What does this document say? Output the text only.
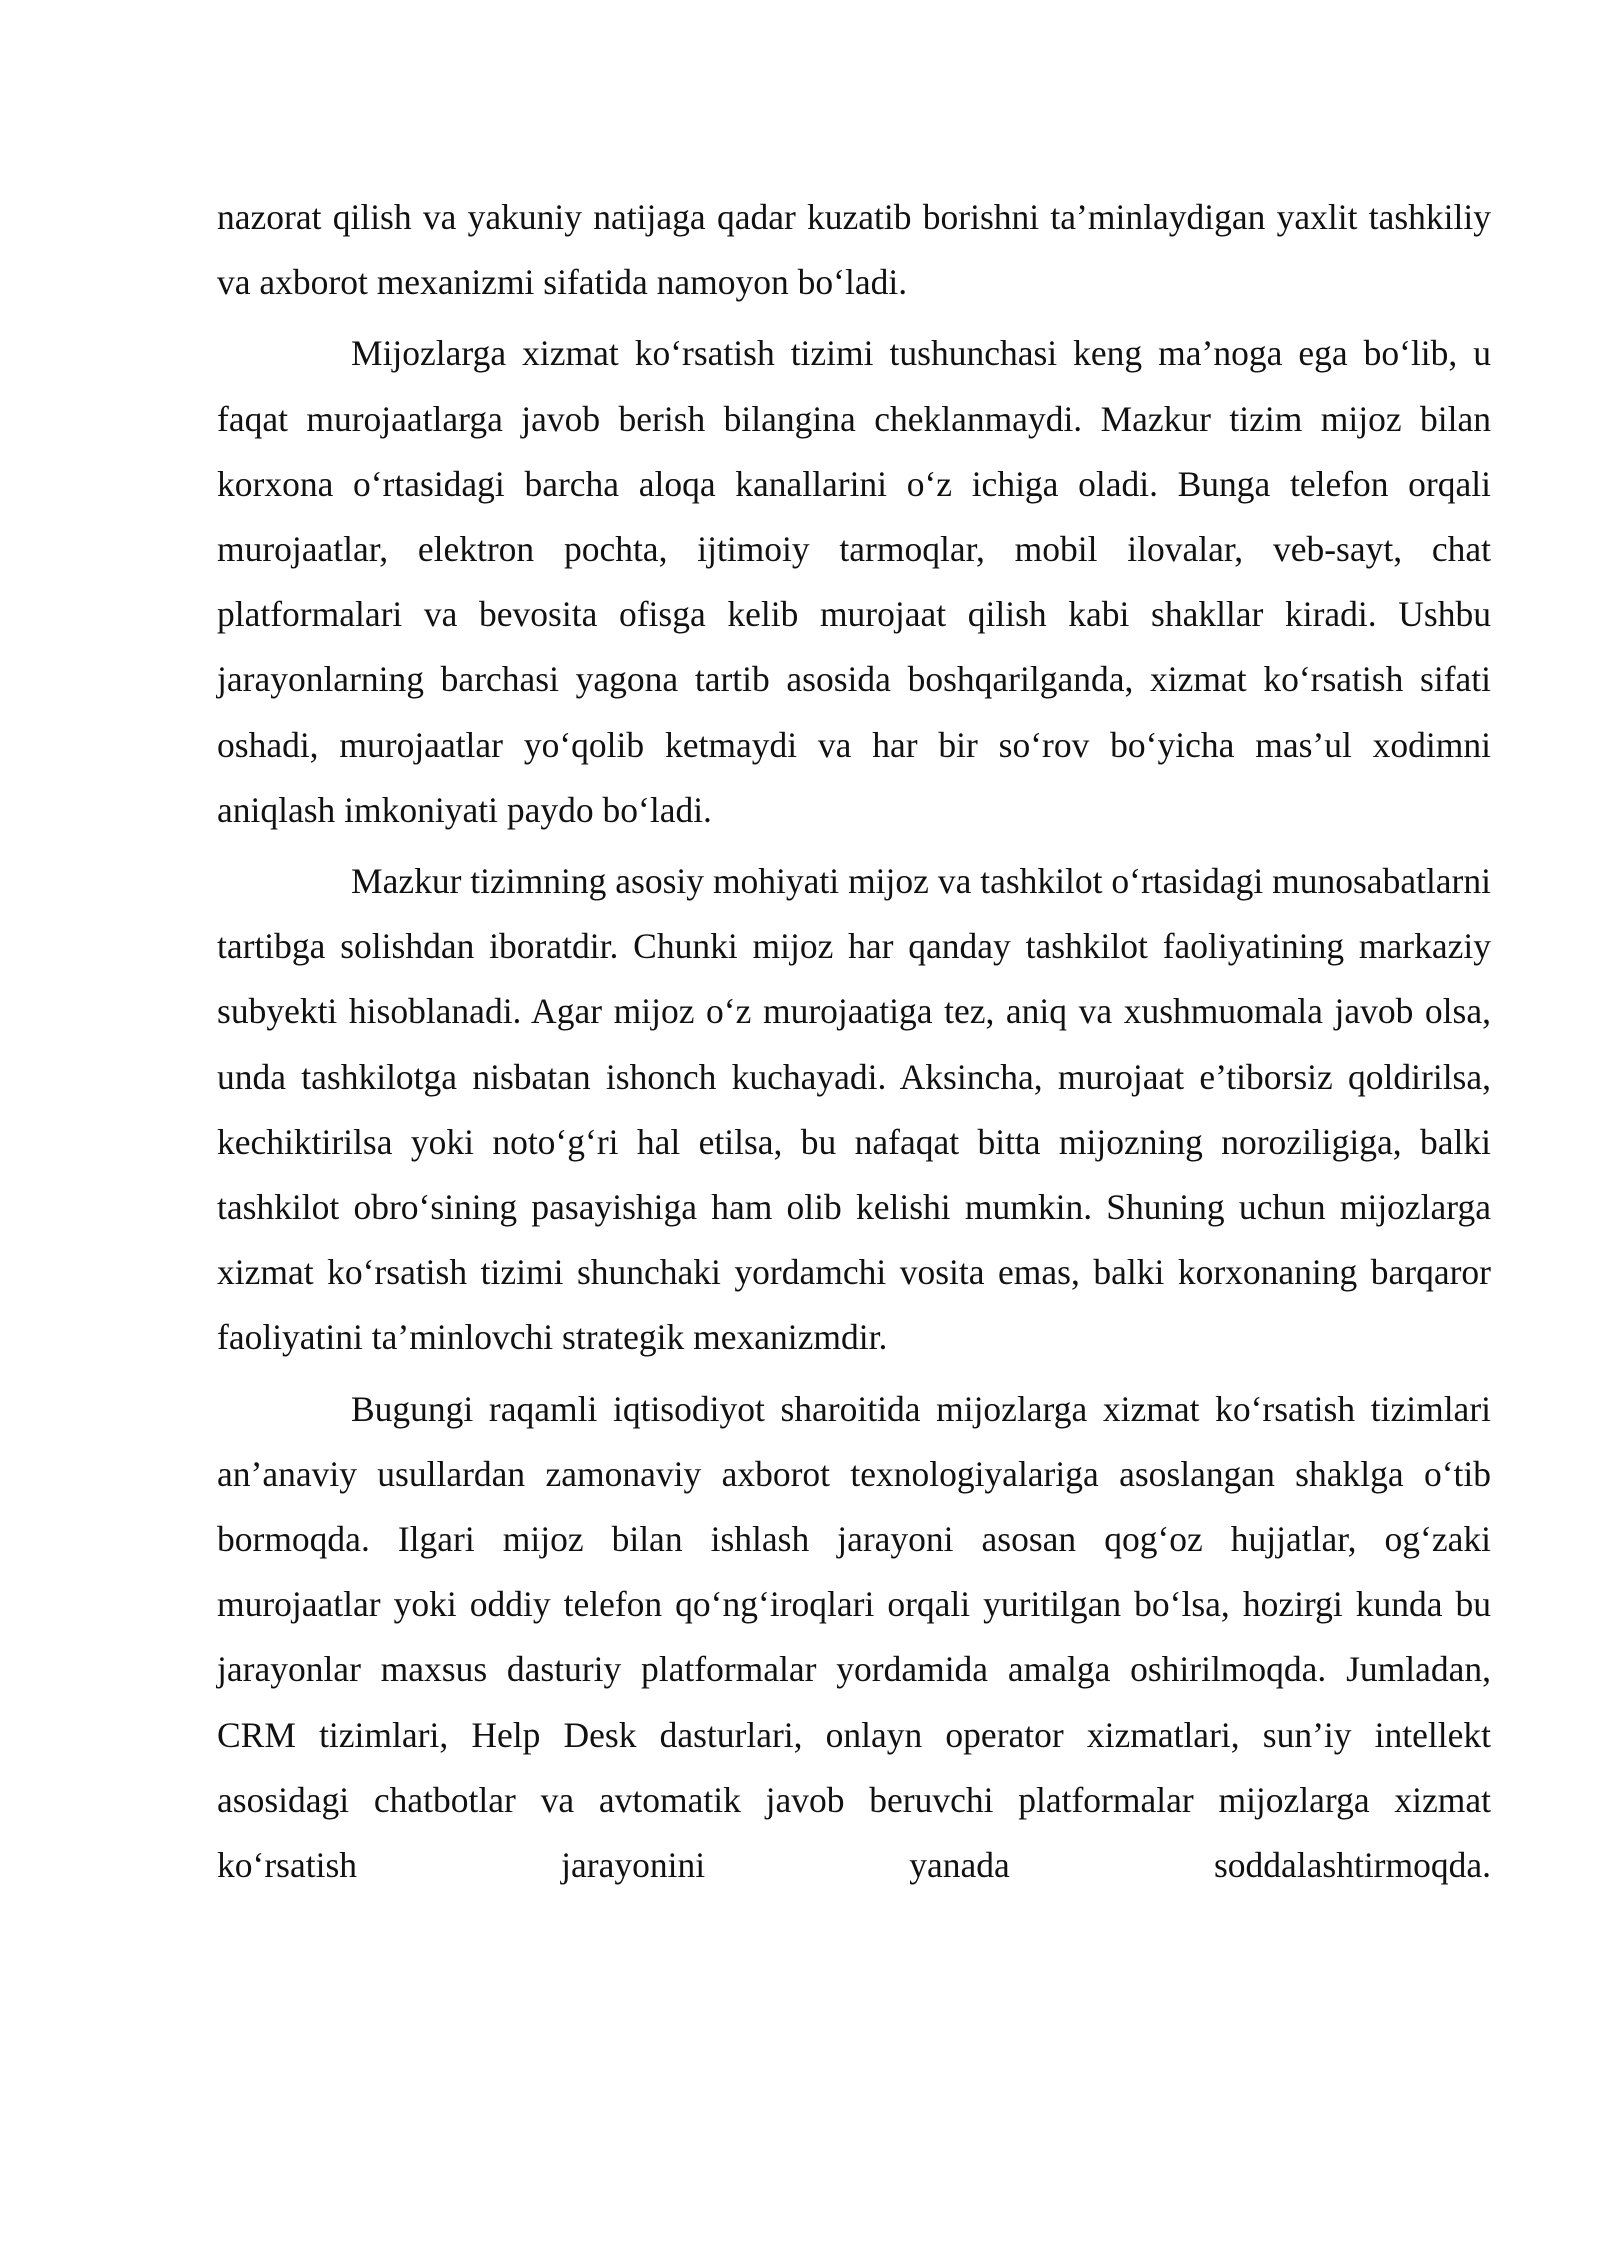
nazorat qilish va yakuniy natijaga qadar kuzatib borishni ta’minlaydigan yaxlit tashkiliy va axborot mexanizmi sifatida namoyon bo‘ladi.

Mijozlarga xizmat ko‘rsatish tizimi tushunchasi keng ma’noga ega bo‘lib, u faqat murojaatlarga javob berish bilangina cheklanmaydi. Mazkur tizim mijoz bilan korxona o‘rtasidagi barcha aloqa kanallarini o‘z ichiga oladi. Bunga telefon orqali murojaatlar, elektron pochta, ijtimoiy tarmoqlar, mobil ilovalar, veb-sayt, chat platformalari va bevosita ofisga kelib murojaat qilish kabi shakllar kiradi. Ushbu jarayonlarning barchasi yagona tartib asosida boshqarilganda, xizmat ko‘rsatish sifati oshadi, murojaatlar yo‘qolib ketmaydi va har bir so‘rov bo‘yicha mas’ul xodimni aniqlash imkoniyati paydo bo‘ladi.

Mazkur tizimning asosiy mohiyati mijoz va tashkilot o‘rtasidagi munosabatlarni tartibga solishdan iboratdir. Chunki mijoz har qanday tashkilot faoliyatining markaziy subyekti hisoblanadi. Agar mijoz o‘z murojaatiga tez, aniq va xushmuomala javob olsa, unda tashkilotga nisbatan ishonch kuchayadi. Aksincha, murojaat e’tiborsiz qoldirilsa, kechiktirilsa yoki noto‘g‘ri hal etilsa, bu nafaqat bitta mijozning noroziligiga, balki tashkilot obro‘sining pasayishiga ham olib kelishi mumkin. Shuning uchun mijozlarga xizmat ko‘rsatish tizimi shunchaki yordamchi vosita emas, balki korxonaning barqaror faoliyatini ta’minlovchi strategik mexanizmdir.

Bugungi raqamli iqtisodiyot sharoitida mijozlarga xizmat ko‘rsatish tizimlari an’anaviy usullardan zamonaviy axborot texnologiyalariga asoslangan shaklga o‘tib bormoqda. Ilgari mijoz bilan ishlash jarayoni asosan qog‘oz hujjatlar, og‘zaki murojaatlar yoki oddiy telefon qo‘ng‘iroqlari orqali yuritilgan bo‘lsa, hozirgi kunda bu jarayonlar maxsus dasturiy platformalar yordamida amalga oshirilmoqda. Jumladan, CRM tizimlari, Help Desk dasturlari, onlayn operator xizmatlari, sun’iy intellekt asosidagi chatbotlar va avtomatik javob beruvchi platformalar mijozlarga xizmat ko‘rsatish jarayonini yanada soddalashtirmoqda.
